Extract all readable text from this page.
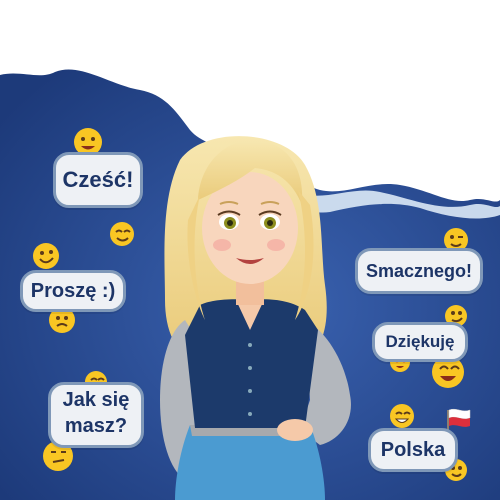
Cześć!
Proszę :)
Jak się
masz?
Smacznego!
Dziękuję
Polska
